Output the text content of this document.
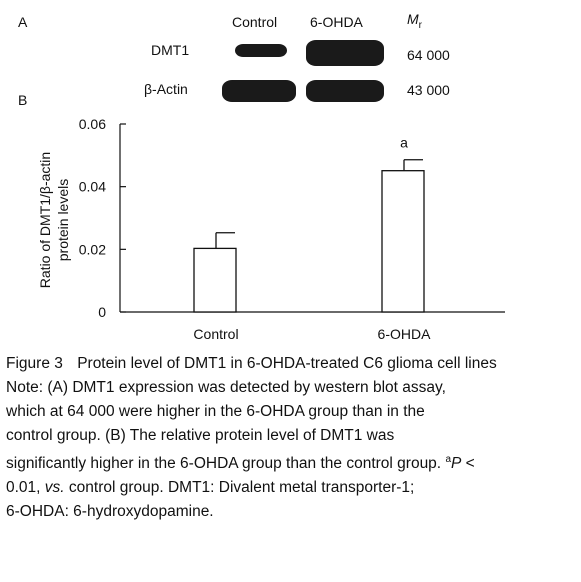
A	Control 6-OHDA	$M_r$
DMT1	64 000
β-Actin	43 000
B
0
0.02
0.04
0.06
Ratio of DMT1/β-actin protein levels
Control
a
6-OHDA
Figure 3 Protein level of DMT1 in 6-OHDA-treated C6 glioma cell lines
Note: (A) DMT1 expression was detected by western blot assay,
which at 64 000 were higher in the 6-OHDA group than in the
control group. (B) The relative protein level of DMT1 was
significantly higher in the 6-OHDA group than the control group. $^a$P <
0.01, vs. control group. DMT1: Divalent metal transporter-1;
6-OHDA: 6-hydroxydopamine.
